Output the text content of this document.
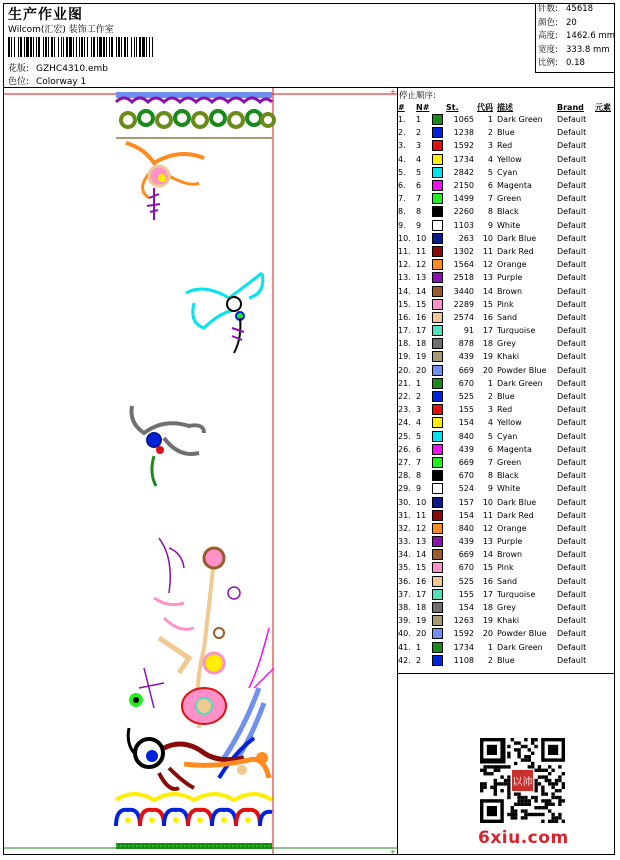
生产作业图
Wilcom(汇宏) 装饰工作室
花版: GZHC4310.emb
色位: Colorway 1
针数: 45618
颜色: 20
高度: 1462.6 mm
宽度: 333.8 mm
比例: 0.18
+
+
停止顺序:
#	N#		St.	代码	描述	Brand	元素
1.	1		1065	1	Dark Green	Default	
2.	2		1238	2	Blue	Default	
3.	3		1592	3	Red	Default	
4.	4		1734	4	Yellow	Default	
5.	5		2842	5	Cyan	Default	
6.	6		2150	6	Magenta	Default	
7.	7		1499	7	Green	Default	
8.	8		2260	8	Black	Default	
9.	9		1103	9	White	Default	
10.	10		263	10	Dark Blue	Default	
11.	11		1302	11	Dark Red	Default	
12.	12		1564	12	Orange	Default	
13.	13		2518	13	Purple	Default	
14.	14		3440	14	Brown	Default	
15.	15		2289	15	Pink	Default	
16.	16		2574	16	Sand	Default	
17.	17		91	17	Turquoise	Default	
18.	18		878	18	Grey	Default	
19.	19		439	19	Khaki	Default	
20.	20		669	20	Powder Blue	Default	
21.	1		670	1	Dark Green	Default	
22.	2		525	2	Blue	Default	
23.	3		155	3	Red	Default	
24.	4		154	4	Yellow	Default	
25.	5		840	5	Cyan	Default	
26.	6		439	6	Magenta	Default	
27.	7		669	7	Green	Default	
28.	8		670	8	Black	Default	
29.	9		524	9	White	Default	
30.	10		157	10	Dark Blue	Default	
31.	11		154	11	Dark Red	Default	
32.	12		840	12	Orange	Default	
33.	13		439	13	Purple	Default	
34.	14		669	14	Brown	Default	
35.	15		670	15	Pink	Default	
36.	16		525	16	Sand	Default	
37.	17		155	17	Turquoise	Default	
38.	18		154	18	Grey	Default	
39.	19		1263	19	Khaki	Default	
40.	20		1592	20	Powder Blue	Default	
41.	1		1734	1	Dark Green	Default	
42.	2		1108	2	Blue	Default	
以沛
6xiu.com
